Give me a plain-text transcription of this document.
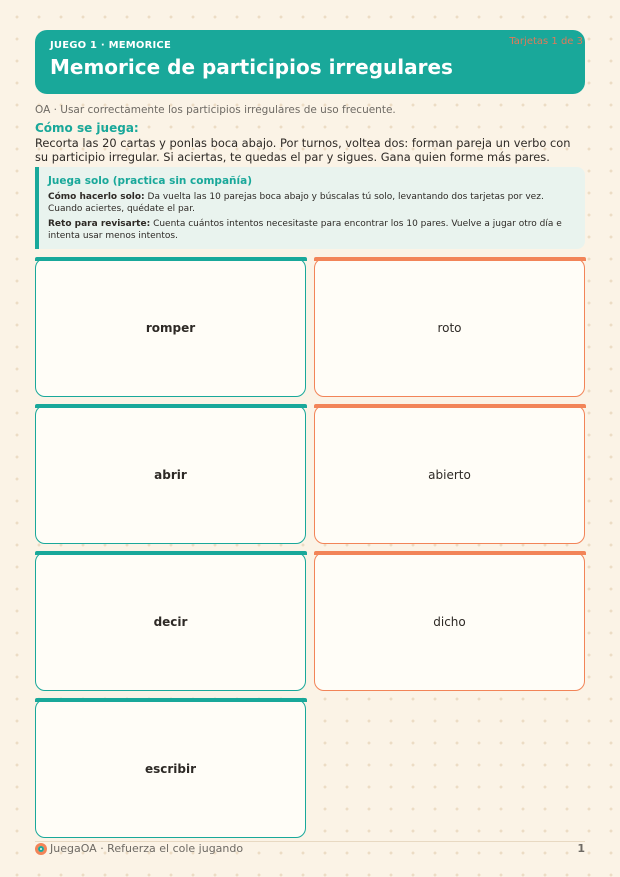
JUEGO 1 · MEMORICE
Memorice de participios irregulares
Tarjetas 1 de 3
OA · Usar correctamente los participios irregulares de uso frecuente.
Cómo se juega:
Recorta las 20 cartas y ponlas boca abajo. Por turnos, voltea dos: forman pareja un verbo con su participio irregular. Si aciertas, te quedas el par y sigues. Gana quien forme más pares.
Juega solo (practica sin compañía)

Cómo hacerlo solo: Da vuelta las 10 parejas boca abajo y búscalas tú solo, levantando dos tarjetas por vez. Cuando aciertes, quédate el par.

Reto para revisarte: Cuenta cuántos intentos necesitaste para encontrar los 10 pares. Vuelve a jugar otro día e intenta usar menos intentos.

romper	roto
abrir	abierto
decir	dicho
escribir
JuegaOA · Refuerza el cole jugando	1
